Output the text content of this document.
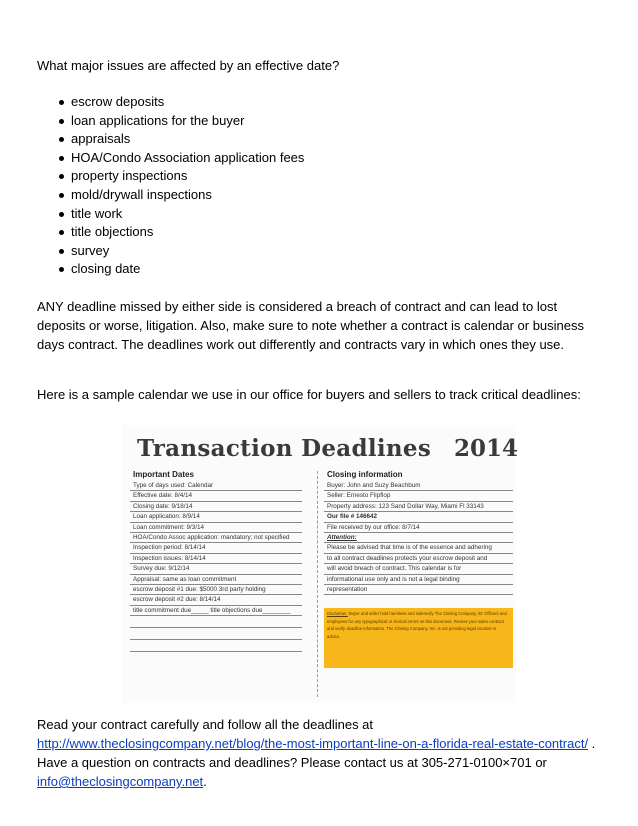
What major issues are affected by an effective date?
escrow deposits
loan applications for the buyer
appraisals
HOA/Condo Association application fees
property inspections
mold/drywall inspections
title work
title objections
survey
closing date
ANY deadline missed by either side is considered a breach of contract and can lead to lost deposits or worse, litigation. Also, make sure to note whether a contract is calendar or business days contract. The deadlines work out differently and contracts vary in which ones they use.
Here is a sample calendar we use in our office for buyers and sellers to track critical deadlines:
Transaction Deadlines 2014
Important Dates
Type of days used: Calendar
Effective date: 8/4/14
Closing date: 9/18/14
Loan application: 8/9/14
Loan commitment: 9/3/14
HOA/Condo Assoc application: mandatory; not specified
Inspection period: 8/14/14
Inspection issues: 8/14/14
Survey due: 9/12/14
Appraisal: same as loan commitment
escrow deposit #1 due: $5000 3rd party holding
escrow deposit #2 due: 8/14/14
title commitment due_____ title objections due________
Closing information
Buyer: John and Suzy Beachbum
Seller: Ernesto Flipflop
Property address: 123 Sand Dollar Way, Miami Fl 33143
Our file # 146642
File received by our office: 8/7/14
Attention:
Please be advised that time is of the essence and adhering
to all contract deadlines protects your escrow deposit and
will avoid breach of contract. This calendar is for
informational use only and is not a legal binding
representation
Disclaimer: Buyer and seller hold harmless and indemnify The Closing Company, its' Officers and employees for any typographical or clerical errors on this document. Review your sales contract and verify deadline information. The Closing Company, Inc. is not providing legal counsel or advice.
Read your contract carefully and follow all the deadlines at
http://www.theclosingcompany.net/blog/the-most-important-line-on-a-florida-real-estate-contract/ . Have a question on contracts and deadlines? Please contact us at 305-271-0100×701 or info@theclosingcompany.net.
